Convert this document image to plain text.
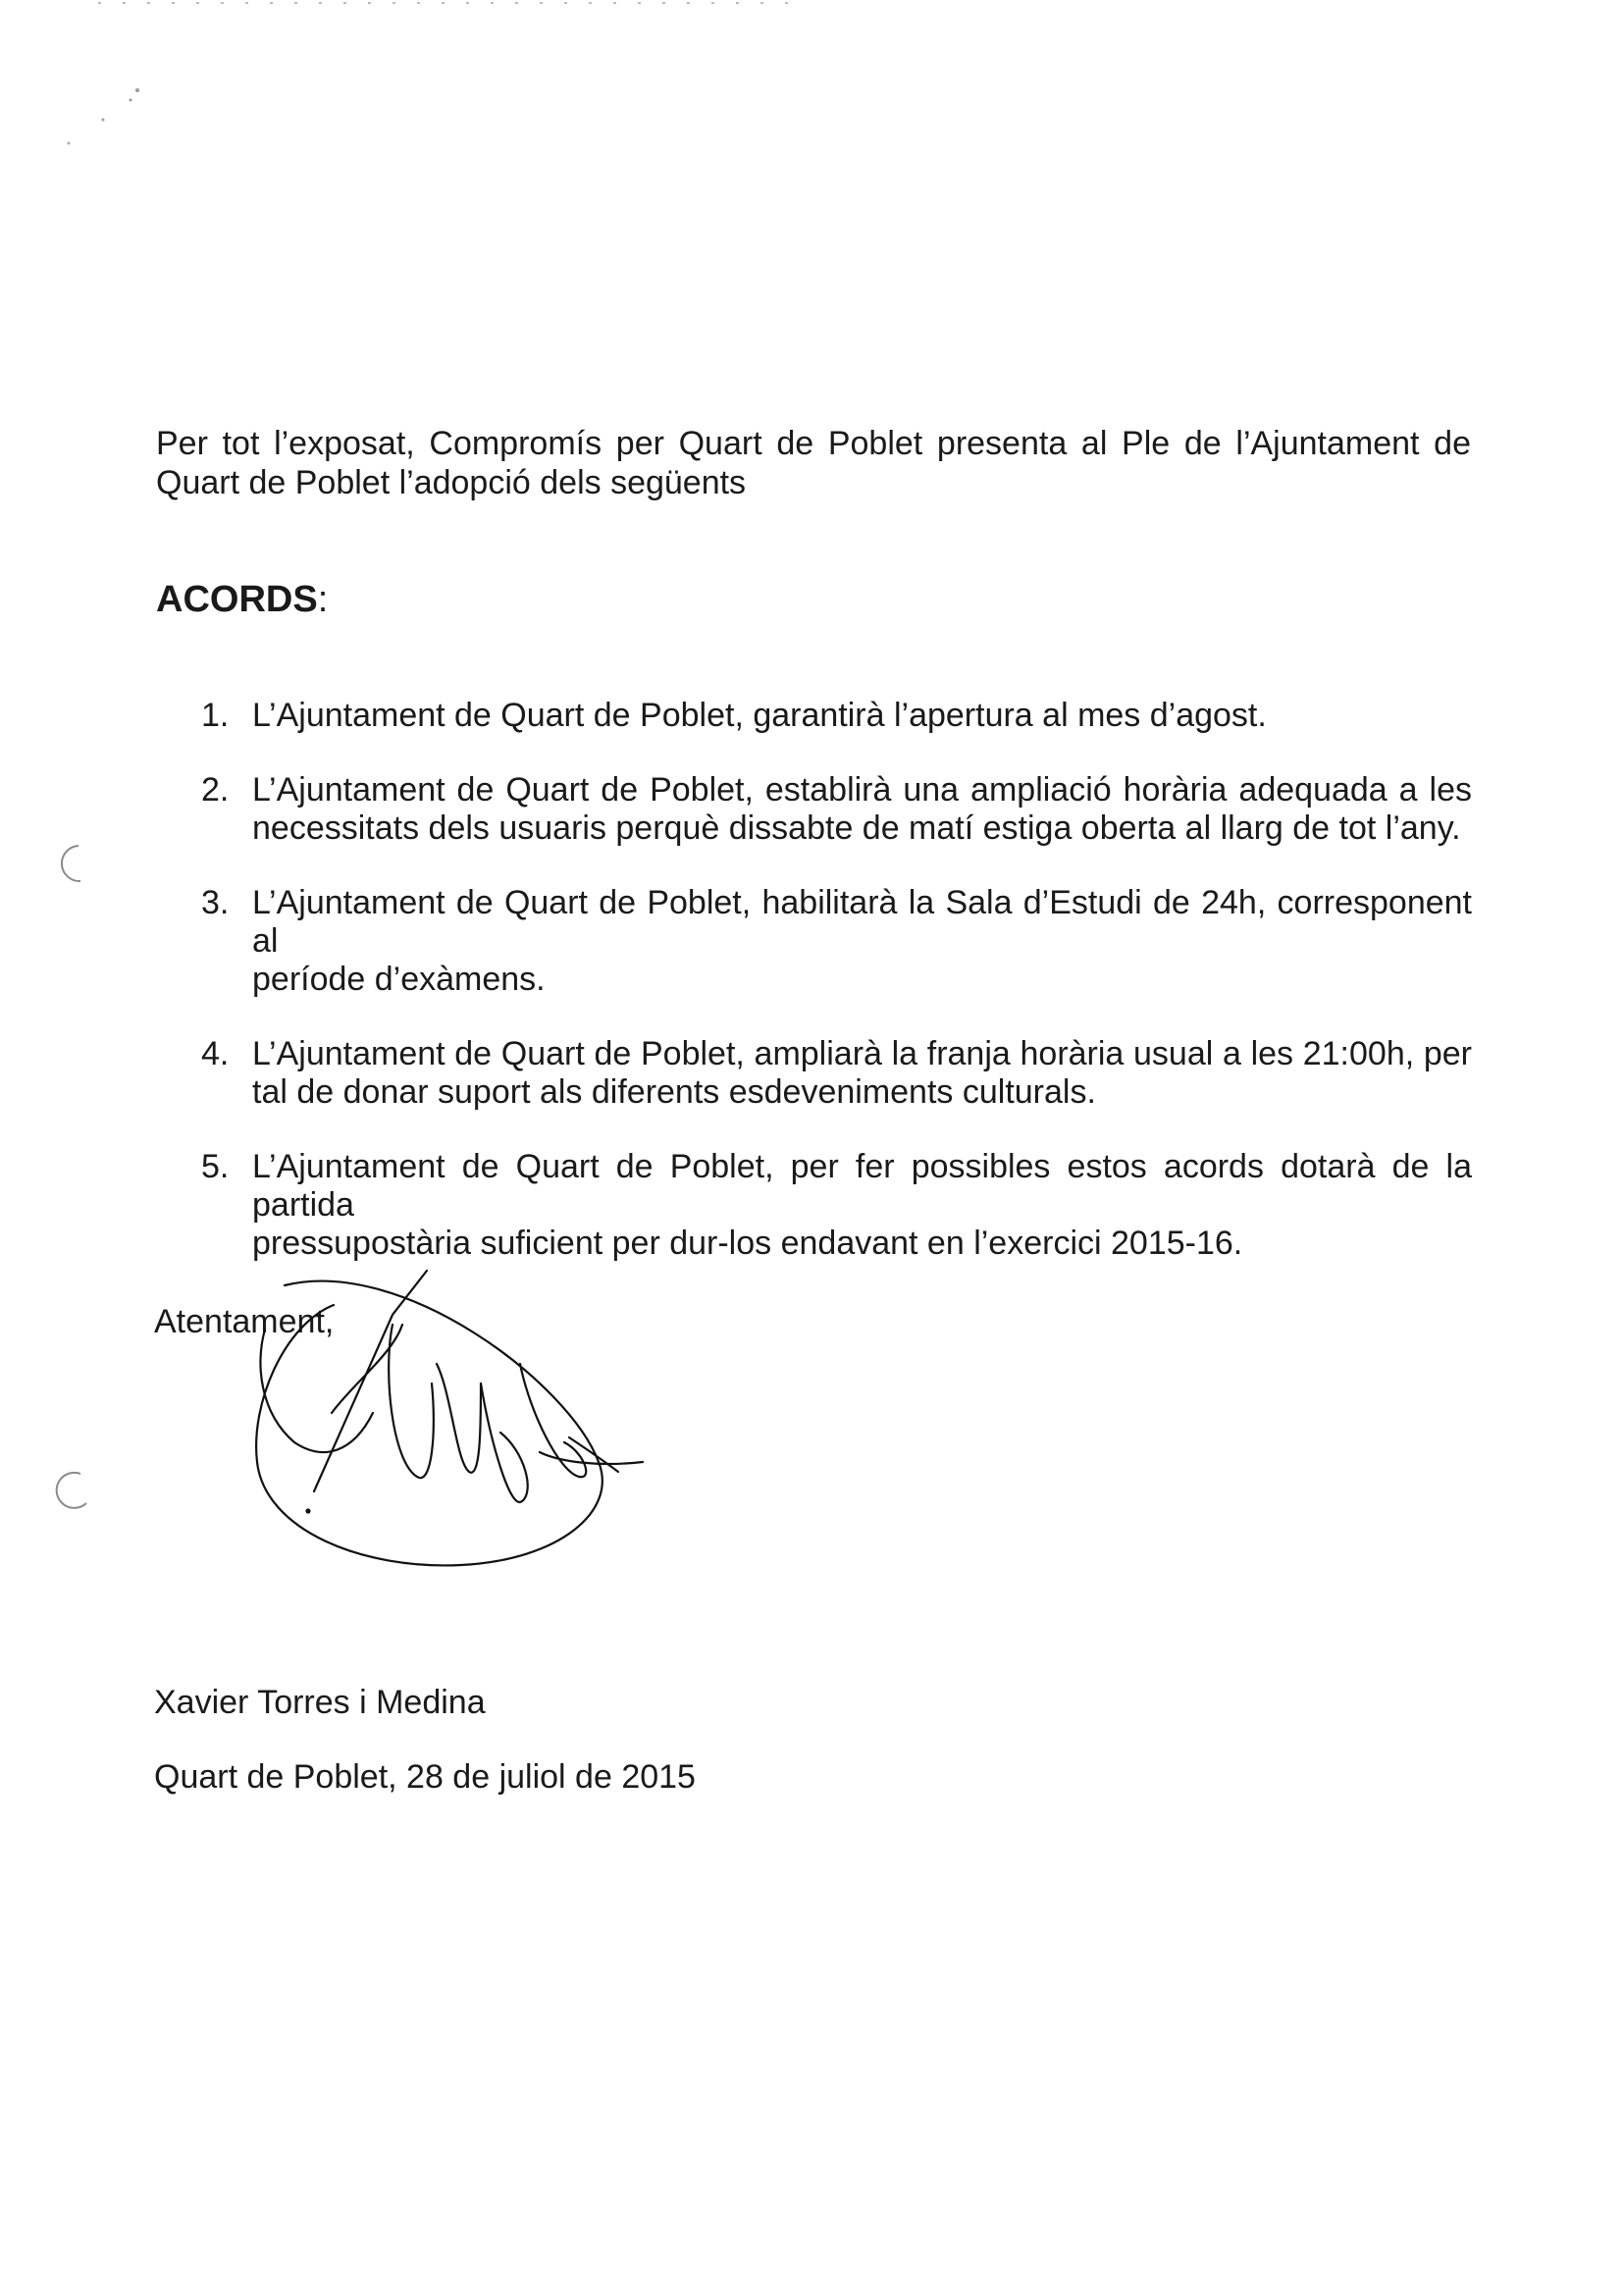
Per tot l’exposat, Compromís per Quart de Poblet presenta al Ple de l’Ajuntament de
Quart de Poblet l’adopció dels següents
ACORDS:
1. L’Ajuntament de Quart de Poblet, garantirà l’apertura al mes d’agost.
2. L’Ajuntament de Quart de Poblet, establirà una ampliació horària adequada a les
necessitats dels usuaris perquè dissabte de matí estiga oberta al llarg de tot l’any.
3. L’Ajuntament de Quart de Poblet, habilitarà la Sala d’Estudi de 24h, corresponent al
període d’exàmens.
4. L’Ajuntament de Quart de Poblet, ampliarà la franja horària usual a les 21:00h, per
tal de donar suport als diferents esdeveniments culturals.
5. L’Ajuntament de Quart de Poblet, per fer possibles estos acords dotarà de la partida
pressupostària suficient per dur-los endavant en l’exercici 2015-16.
Atentament,
Xavier Torres i Medina
Quart de Poblet, 28 de juliol de 2015
